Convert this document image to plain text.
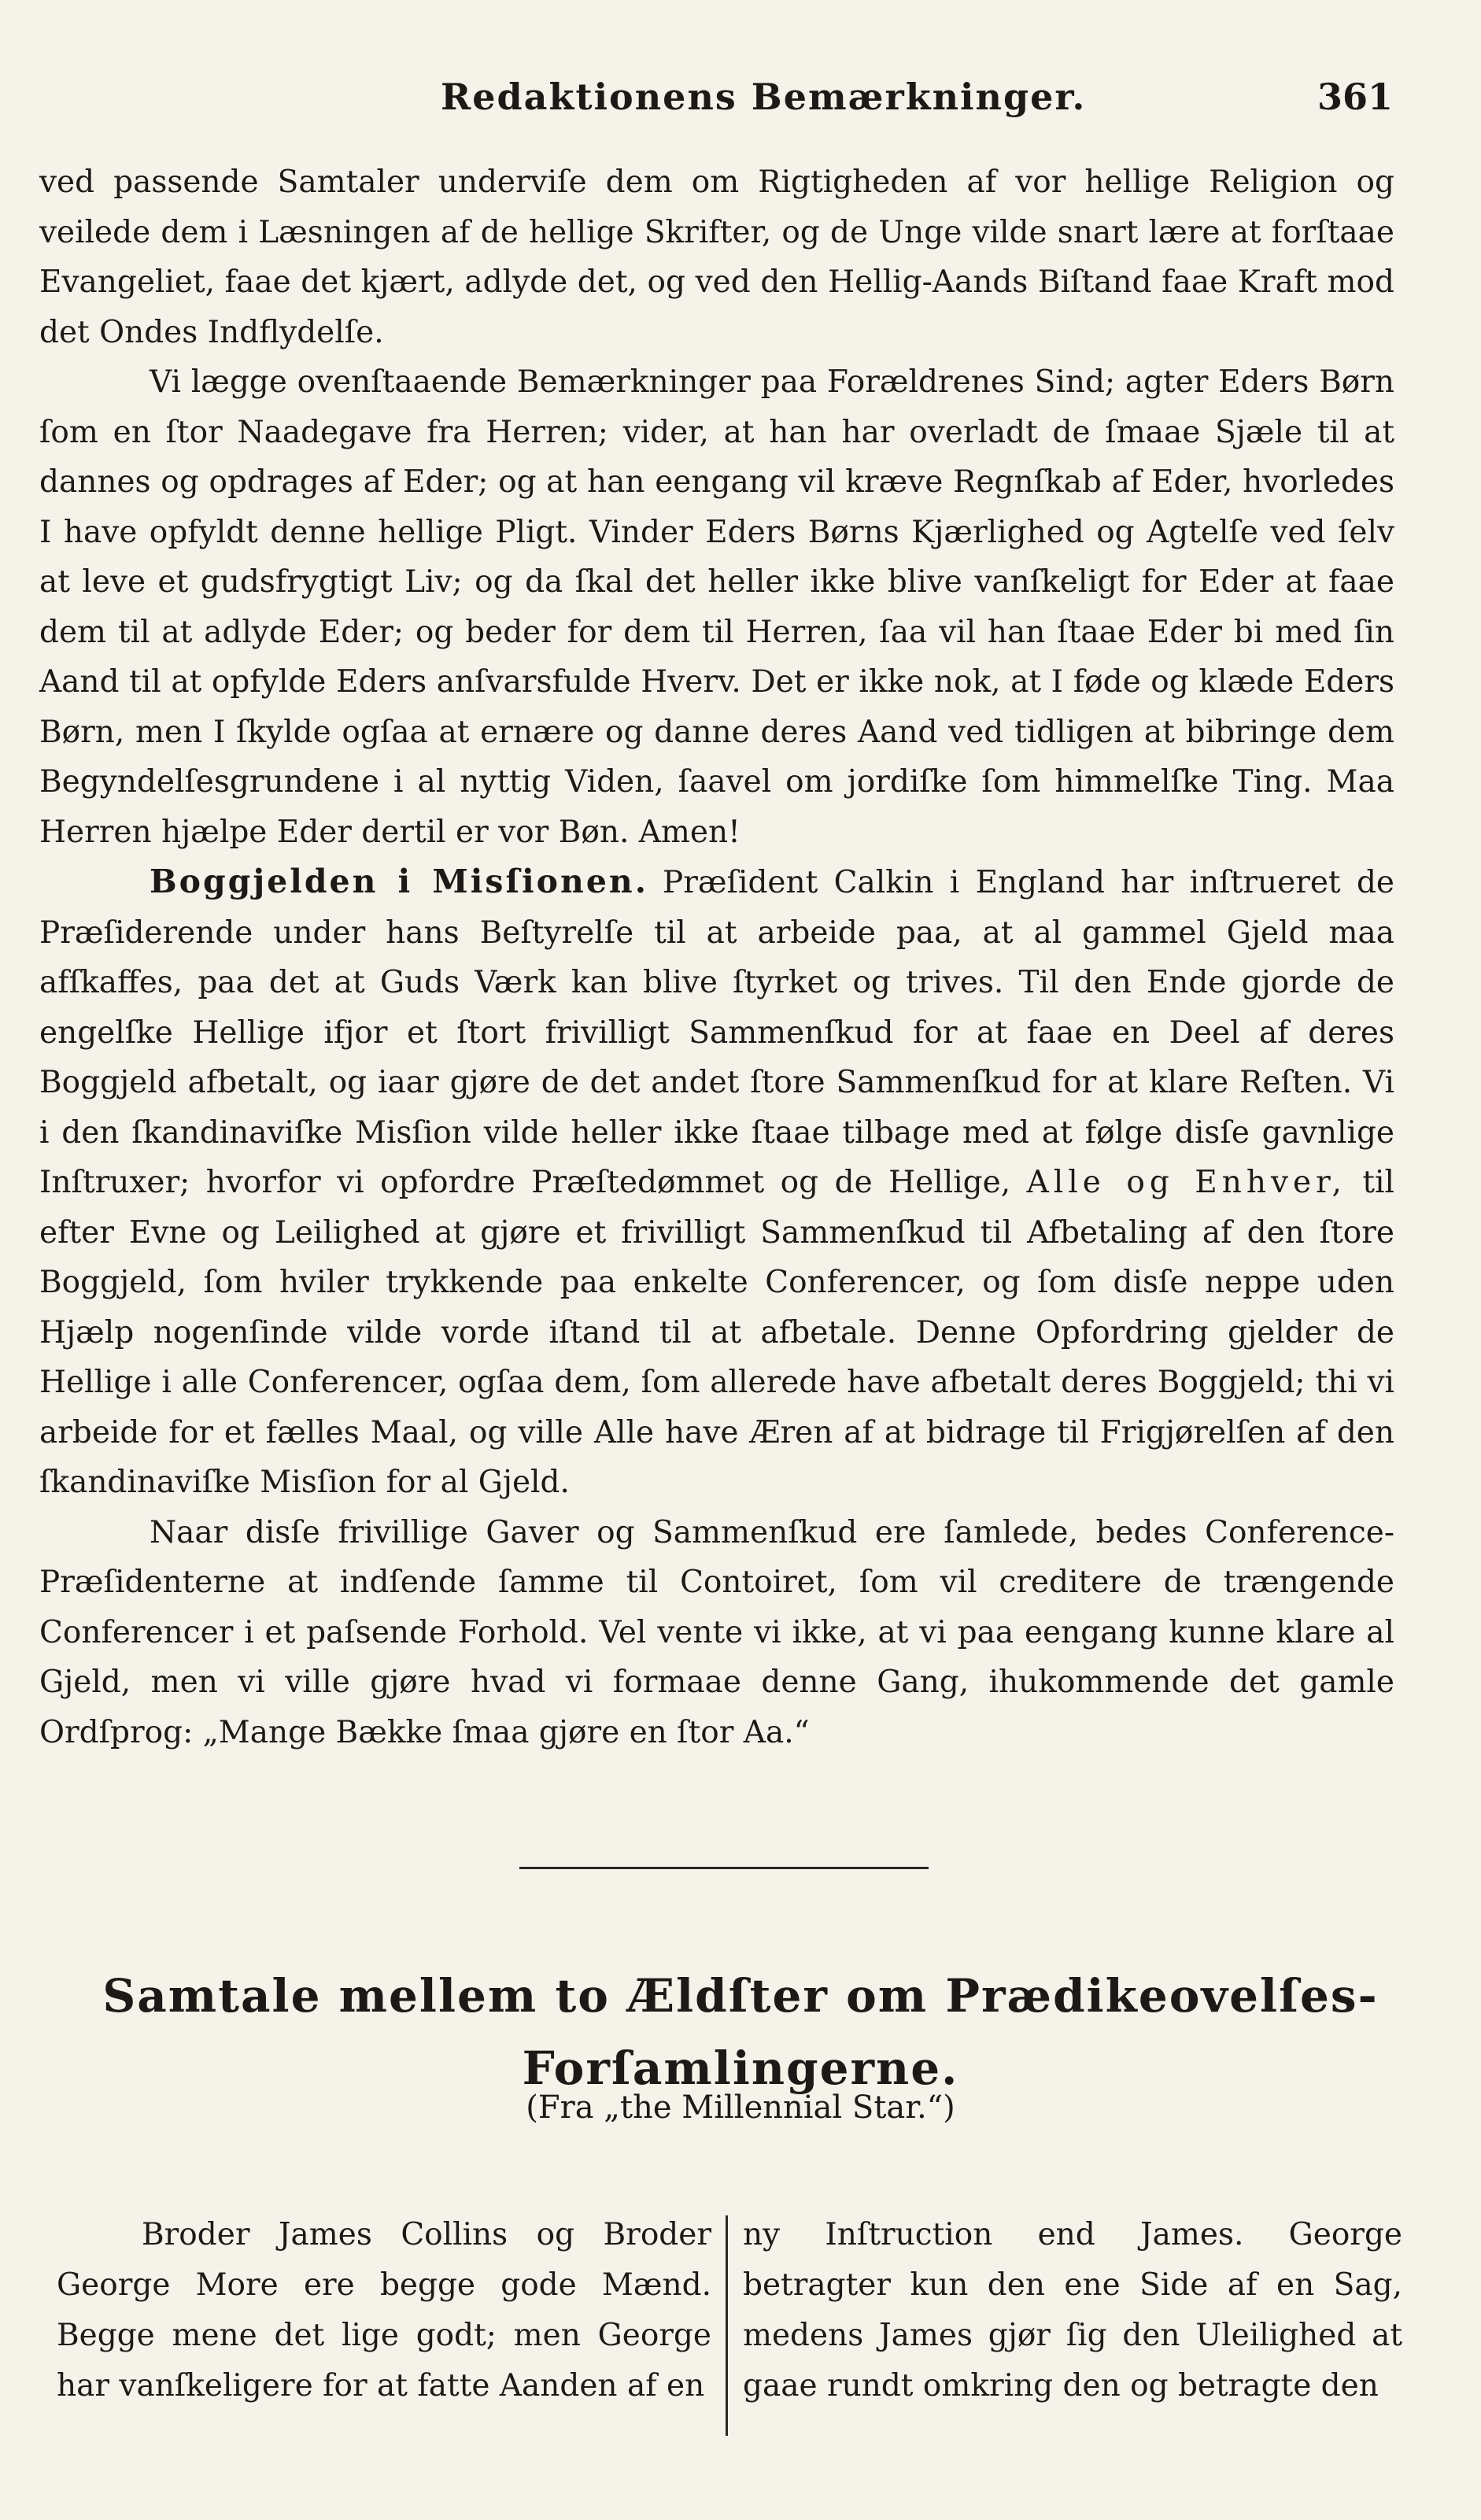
Redaktionens Bemærkninger.	361

ved passende Samtaler underviſe dem om Rigtigheden af vor hellige Religion og veilede dem i Læsningen af de hellige Skrifter, og de Unge vilde snart lære at forſtaae Evangeliet, faae det kjært, adlyde det, og ved den Hellig-Aands Biſtand faae Kraft mod det Ondes Indflydelſe.

Vi lægge ovenſtaaende Bemærkninger paa Forældrenes Sind; agter Eders Børn ſom en ſtor Naadegave fra Herren; vider, at han har overladt de ſmaae Sjæle til at dannes og opdrages af Eder; og at han eengang vil kræve Regnſkab af Eder, hvorledes I have opfyldt denne hellige Pligt. Vinder Eders Børns Kjærlighed og Agtelſe ved ſelv at leve et gudsfrygtigt Liv; og da ſkal det heller ikke blive vanſkeligt for Eder at faae dem til at adlyde Eder; og beder for dem til Herren, ſaa vil han ſtaae Eder bi med ſin Aand til at opfylde Eders anſvarsfulde Hverv. Det er ikke nok, at I føde og klæde Eders Børn, men I ſkylde ogſaa at ernære og danne deres Aand ved tidligen at bibringe dem Begyndelſesgrundene i al nyttig Viden, ſaavel om jordiſke ſom himmelſke Ting. Maa Herren hjælpe Eder dertil er vor Bøn. Amen!

Boggjelden i Misſionen. Præſident Calkin i England har inſtrueret de Præſiderende under hans Beſtyrelſe til at arbeide paa, at al gammel Gjeld maa afſkaffes, paa det at Guds Værk kan blive ſtyrket og trives. Til den Ende gjorde de engelſke Hellige ifjor et ſtort frivilligt Sammenſkud for at faae en Deel af deres Boggjeld afbetalt, og iaar gjøre de det andet ſtore Sammenſkud for at klare Reſten. Vi i den ſkandinaviſke Misſion vilde heller ikke ſtaae tilbage med at følge disſe gavnlige Inſtruxer; hvorfor vi opfordre Præſtedømmet og de Hellige, Alle og Enhver, til efter Evne og Leilighed at gjøre et frivilligt Sammenſkud til Afbetaling af den ſtore Boggjeld, ſom hviler trykkende paa enkelte Conferencer, og ſom disſe neppe uden Hjælp nogenſinde vilde vorde iſtand til at afbetale. Denne Opfordring gjelder de Hellige i alle Conferencer, ogſaa dem, ſom allerede have afbetalt deres Boggjeld; thi vi arbeide for et fælles Maal, og ville Alle have Æren af at bidrage til Frigjørelſen af den ſkandinaviſke Misſion for al Gjeld.

Naar disſe frivillige Gaver og Sammenſkud ere ſamlede, bedes Conference-Præſidenterne at indſende ſamme til Contoiret, ſom vil creditere de trængende Conferencer i et paſsende Forhold. Vel vente vi ikke, at vi paa eengang kunne klare al Gjeld, men vi ville gjøre hvad vi formaae denne Gang, ihukommende det gamle Ordſprog: „Mange Bække ſmaa gjøre en ſtor Aa.“

Samtale mellem to Ældſter om Prædikeovelſes-
Forſamlingerne.
(Fra „the Millennial Star.“)
Broder James Collins og Broder George More ere begge gode Mænd. Begge mene det lige godt; men George har vanſkeligere for at fatte Aanden af en
ny Inſtruction end James. George betragter kun den ene Side af en Sag, medens James gjør ſig den Uleilighed at gaae rundt omkring den og betragte den
